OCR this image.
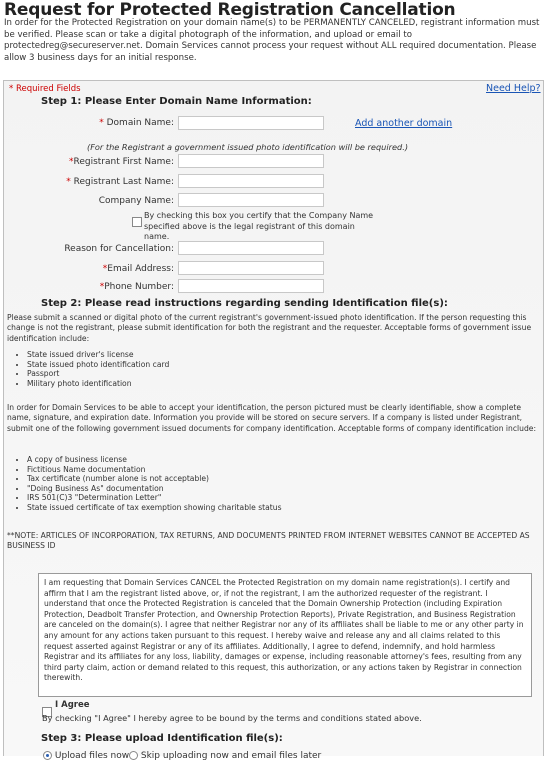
Request for Protected Registration Cancellation
In order for the Protected Registration on your domain name(s) to be PERMANENTLY CANCELED, registrant information must be verified. Please scan or take a digital photograph of the information, and upload or email to protectedreg@secureserver.net. Domain Services cannot process your request without ALL required documentation. Please allow 3 business days for an initial response.
* Required Fields	Need Help?
Step 1: Please Enter Domain Name Information:
* Domain Name:	Add another domain
(For the Registrant a government issued photo identification will be required.)
*Registrant First Name:
* Registrant Last Name:
Company Name:
By checking this box you certify that the Company Name specified above is the legal registrant of this domain name.
Reason for Cancellation:
*Email Address:
*Phone Number:
Step 2: Please read instructions regarding sending Identification file(s):
Please submit a scanned or digital photo of the current registrant's government-issued photo identification. If the person requesting this change is not the registrant, please submit identification for both the registrant and the requester. Acceptable forms of government issue identification include:
• State issued driver's license
• State issued photo identification card
• Passport
• Military photo identification
In order for Domain Services to be able to accept your identification, the person pictured must be clearly identifiable, show a complete name, signature, and expiration date. Information you provide will be stored on secure servers. If a company is listed under Registrant, submit one of the following government issued documents for company identification. Acceptable forms of company identification include:
• A copy of business license
• Fictitious Name documentation
• Tax certificate (number alone is not acceptable)
• "Doing Business As" documentation
• IRS 501(C)3 "Determination Letter"
• State issued certificate of tax exemption showing charitable status
**NOTE: ARTICLES OF INCORPORATION, TAX RETURNS, AND DOCUMENTS PRINTED FROM INTERNET WEBSITES CANNOT BE ACCEPTED AS BUSINESS ID
I am requesting that Domain Services CANCEL the Protected Registration on my domain name registration(s). I certify and affirm that I am the registrant listed above, or, if not the registrant, I am the authorized requester of the registrant. I understand that once the Protected Registration is canceled that the Domain Ownership Protection (including Expiration Protection, Deadbolt Transfer Protection, and Ownership Protection Reports), Private Registration, and Business Registration are canceled on the domain(s). I agree that neither Registrar nor any of its affiliates shall be liable to me or any other party in any amount for any actions taken pursuant to this request. I hereby waive and release any and all claims related to this request asserted against Registrar or any of its affiliates. Additionally, I agree to defend, indemnify, and hold harmless Registrar and its affiliates for any loss, liability, damages or expense, including reasonable attorney's fees, resulting from any third party claim, action or demand related to this request, this authorization, or any actions taken by Registrar in connection therewith.
I Agree
By checking "I Agree" I hereby agree to be bound by the terms and conditions stated above.
Step 3: Please upload Identification file(s):
Upload files now	Skip uploading now and email files later
